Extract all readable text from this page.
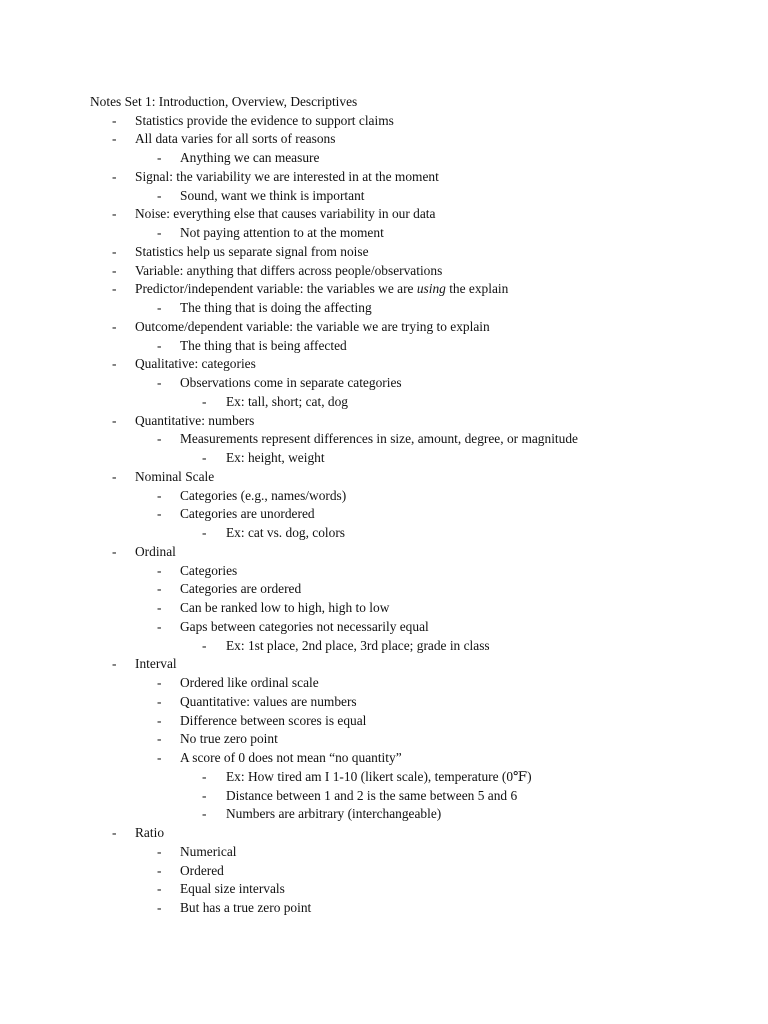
Notes Set 1: Introduction, Overview, Descriptives
- Statistics provide the evidence to support claims
- All data varies for all sorts of reasons
- Anything we can measure
- Signal: the variability we are interested in at the moment
- Sound, want we think is important
- Noise: everything else that causes variability in our data
- Not paying attention to at the moment
- Statistics help us separate signal from noise
- Variable: anything that differs across people/observations
- Predictor/independent variable: the variables we are using the explain
- The thing that is doing the affecting
- Outcome/dependent variable: the variable we are trying to explain
- The thing that is being affected
- Qualitative: categories
- Observations come in separate categories
- Ex: tall, short; cat, dog
- Quantitative: numbers
- Measurements represent differences in size, amount, degree, or magnitude
- Ex: height, weight
- Nominal Scale
- Categories (e.g., names/words)
- Categories are unordered
- Ex: cat vs. dog, colors
- Ordinal
- Categories
- Categories are ordered
- Can be ranked low to high, high to low
- Gaps between categories not necessarily equal
- Ex: 1st place, 2nd place, 3rd place; grade in class
- Interval
- Ordered like ordinal scale
- Quantitative: values are numbers
- Difference between scores is equal
- No true zero point
- A score of 0 does not mean “no quantity”
- Ex: How tired am I 1-10 (likert scale), temperature (0℉)
- Distance between 1 and 2 is the same between 5 and 6
- Numbers are arbitrary (interchangeable)
- Ratio
- Numerical
- Ordered
- Equal size intervals
- But has a true zero point
